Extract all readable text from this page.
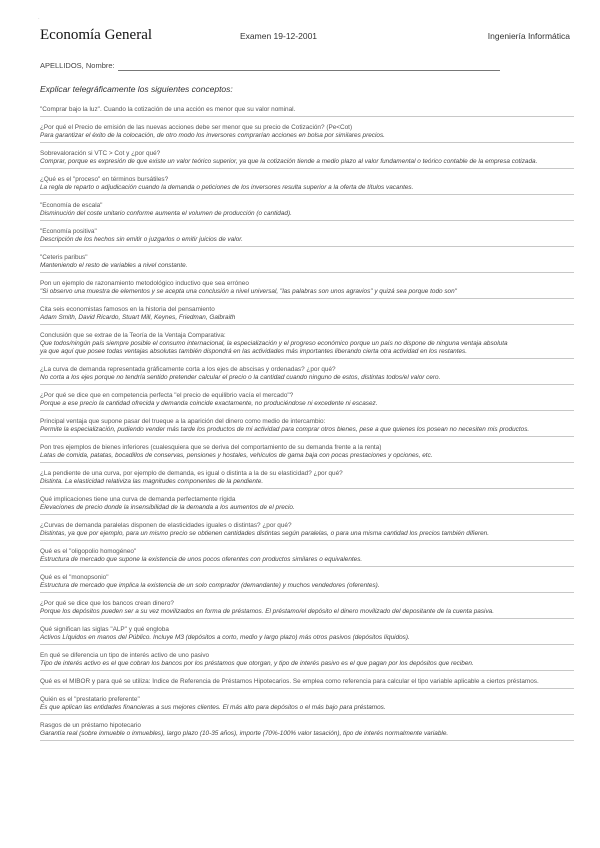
·
Economía General	Examen 19-12-2001	Ingeniería Informática
APELLIDOS, Nombre:
Explicar telegráficamente los siguientes conceptos:
"Comprar bajo la luz". Cuando la cotización de una acción es menor que su valor nominal.
¿Por qué el Precio de emisión de las nuevas acciones debe ser menor que su precio de Cotización? (Pe<Cot)
Para garantizar el éxito de la colocación, de otro modo los inversores comprarían acciones en bolsa por similares precios.
Sobrevaloración si VTC > Cot y ¿por qué?
Comprar, porque es expresión de que existe un valor teórico superior, ya que la cotización tiende a medio plazo al valor fundamental o teórico contable de la empresa cotizada.
¿Qué es el "proceso" en términos bursátiles?
La regla de reparto o adjudicación cuando la demanda o peticiones de los inversores resulta superior a la oferta de títulos vacantes.
"Economía de escala"
Disminución del coste unitario conforme aumenta el volumen de producción (o cantidad).
"Economía positiva"
Descripción de los hechos sin emitir o juzgarlos o emitir juicios de valor.
"Ceteris paribus"
Manteniendo el resto de variables a nivel constante.
Pon un ejemplo de razonamiento metodológico inductivo que sea erróneo
"Si observo una muestra de elementos y se acepta una conclusión a nivel universal, "las palabras son unos agravios" y quizá sea porque todo son"
Cita seis economistas famosos en la historia del pensamiento
Adam Smith, David Ricardo, Stuart Mill, Keynes, Friedman, Galbraith
Conclusión que se extrae de la Teoría de la Ventaja Comparativa:
Que todos/ningún país siempre posible el consumo internacional, la especialización y el progreso económico porque un país no dispone de ninguna ventaja absoluta
ya que aquí que posee todas ventajas absolutas también dispondrá en las actividades más importantes liberando cierta otra actividad en los restantes.
¿La curva de demanda representada gráficamente corta a los ejes de abscisas y ordenadas? ¿por qué?
No corta a los ejes porque no tendría sentido pretender calcular el precio o la cantidad cuando ninguno de estos, distintas todos/el valor cero.
¿Por qué se dice que en competencia perfecta "el precio de equilibrio vacía el mercado"?
Porque a ese precio la cantidad ofrecida y demanda coincide exactamente, no produciéndose ni excedente ni escasez.
Principal ventaja que supone pasar del trueque a la aparición del dinero como medio de intercambio:
Permite la especialización, pudiendo vender más tarde los productos de mi actividad para comprar otros bienes, pese a que quienes los posean no necesiten mis productos.
Pon tres ejemplos de bienes inferiores (cualesquiera que se deriva del comportamiento de su demanda frente a la renta)
Latas de comida, patatas, bocadillos de conservas, pensiones y hostales, vehículos de gama baja con pocas prestaciones y opciones, etc.
¿La pendiente de una curva, por ejemplo de demanda, es igual o distinta a la de su elasticidad? ¿por qué?
Distinta. La elasticidad relativiza las magnitudes componentes de la pendiente.
Qué implicaciones tiene una curva de demanda perfectamente rígida
Elevaciones de precio donde la insensibilidad de la demanda a los aumentos de el precio.
¿Curvas de demanda paralelas disponen de elasticidades iguales o distintas? ¿por qué?
Distintas, ya que por ejemplo, para un mismo precio se obtienen cantidades distintas según paralelas, o para una misma cantidad los precios también difieren.
Qué es el "oligopolio homogéneo"
Estructura de mercado que supone la existencia de unos pocos oferentes con productos similares o equivalentes.
Qué es el "monopsonio"
Estructura de mercado que implica la existencia de un solo comprador (demandante) y muchos vendedores (oferentes).
¿Por qué se dice que los bancos crean dinero?
Porque los depósitos pueden ser a su vez movilizados en forma de préstamos. El préstamo/el depósito el dinero movilizado del depositante de la cuenta pasiva.
Qué significan las siglas "ALP" y qué engloba
Activos Líquidos en manos del Público. Incluye M3 (depósitos a corto, medio y largo plazo) más otros pasivos (depósitos líquidos).
En qué se diferencia un tipo de interés activo de uno pasivo
Tipo de interés activo es el que cobran los bancos por los préstamos que otorgan, y tipo de interés pasivo es el que pagan por los depósitos que reciben.
Qué es el MIBOR y para qué se utiliza: Índice de Referencia de Préstamos Hipotecarios. Se emplea como referencia para calcular el tipo variable aplicable a ciertos préstamos.
Quién es el "prestatario preferente"
Es que aplican las entidades financieras a sus mejores clientes. El más alto para depósitos o el más bajo para préstamos.
Rasgos de un préstamo hipotecario
Garantía real (sobre inmueble o inmuebles), largo plazo (10-35 años), importe (70%-100% valor tasación), tipo de interés normalmente variable.
